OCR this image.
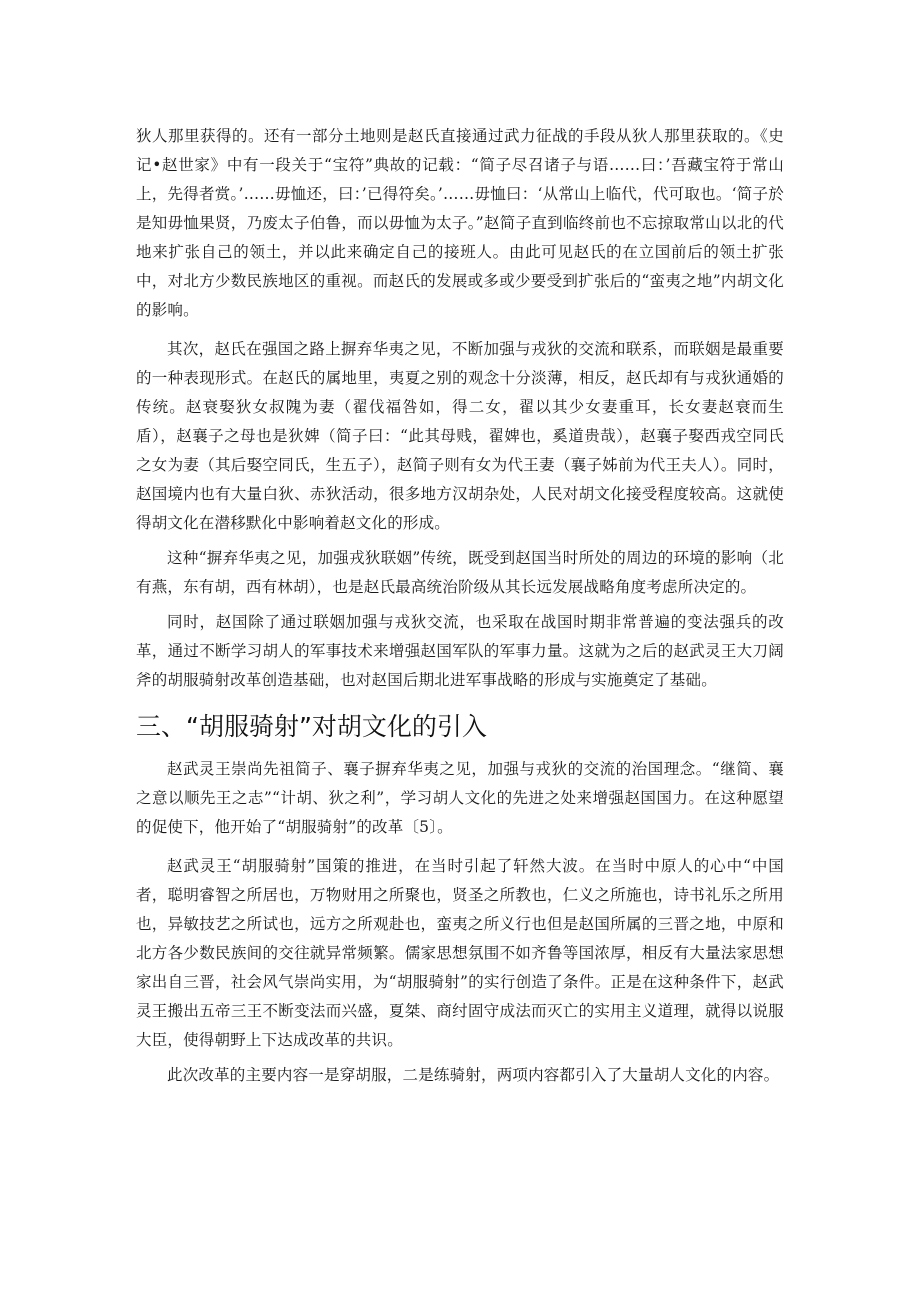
狄人那里获得的。还有一部分土地则是赵氏直接通过武力征战的手段从狄人那里获取的。《史记•赵世家》中有一段关于“宝符”典故的记载：“简子尽召诸子与语……曰：’吾藏宝符于常山上，先得者赏。’……毋恤还，曰：’已得符矣。’……毋恤曰：‘从常山上临代，代可取也。‘简子於是知毋恤果贤，乃废太子伯鲁，而以毋恤为太子。”赵简子直到临终前也不忘掠取常山以北的代地来扩张自己的领土，并以此来确定自己的接班人。由此可见赵氏的在立国前后的领土扩张中，对北方少数民族地区的重视。而赵氏的发展或多或少要受到扩张后的“蛮夷之地”内胡文化的影响。

其次，赵氏在强国之路上摒弃华夷之见，不断加强与戎狄的交流和联系，而联姻是最重要的一种表现形式。在赵氏的属地里，夷夏之别的观念十分淡薄，相反，赵氏却有与戎狄通婚的传统。赵衰娶狄女叔隗为妻（翟伐福咎如，得二女，翟以其少女妻重耳，长女妻赵衰而生盾），赵襄子之母也是狄婢（简子曰：“此其母贱，翟婢也，奚道贵哉），赵襄子娶西戎空同氏之女为妻（其后娶空同氏，生五子），赵简子则有女为代王妻（襄子姊前为代王夫人）。同时，赵国境内也有大量白狄、赤狄活动，很多地方汉胡杂处，人民对胡文化接受程度较高。这就使得胡文化在潜移默化中影响着赵文化的形成。

这种“摒弃华夷之见，加强戎狄联姻”传统，既受到赵国当时所处的周边的环境的影响（北有燕，东有胡，西有林胡），也是赵氏最高统治阶级从其长远发展战略角度考虑所决定的。

同时，赵国除了通过联姻加强与戎狄交流，也采取在战国时期非常普遍的变法强兵的改革，通过不断学习胡人的军事技术来增强赵国军队的军事力量。这就为之后的赵武灵王大刀阔斧的胡服骑射改革创造基础，也对赵国后期北进军事战略的形成与实施奠定了基础。

三、“胡服骑射”对胡文化的引入

赵武灵王崇尚先祖简子、襄子摒弃华夷之见，加强与戎狄的交流的治国理念。“继简、襄之意以顺先王之志”“计胡、狄之利”，学习胡人文化的先进之处来增强赵国国力。在这种愿望的促使下，他开始了“胡服骑射”的改革〔5〕。

赵武灵王“胡服骑射”国策的推进，在当时引起了轩然大波。在当时中原人的心中“中国者，聪明睿智之所居也，万物财用之所聚也，贤圣之所教也，仁义之所施也，诗书礼乐之所用也，异敏技艺之所试也，远方之所观赴也，蛮夷之所义行也但是赵国所属的三晋之地，中原和北方各少数民族间的交往就异常频繁。儒家思想氛围不如齐鲁等国浓厚，相反有大量法家思想家出自三晋，社会风气崇尚实用，为“胡服骑射”的实行创造了条件。正是在这种条件下，赵武灵王搬出五帝三王不断变法而兴盛，夏桀、商纣固守成法而灭亡的实用主义道理，就得以说服大臣，使得朝野上下达成改革的共识。

此次改革的主要内容一是穿胡服，二是练骑射，两项内容都引入了大量胡人文化的内容。
